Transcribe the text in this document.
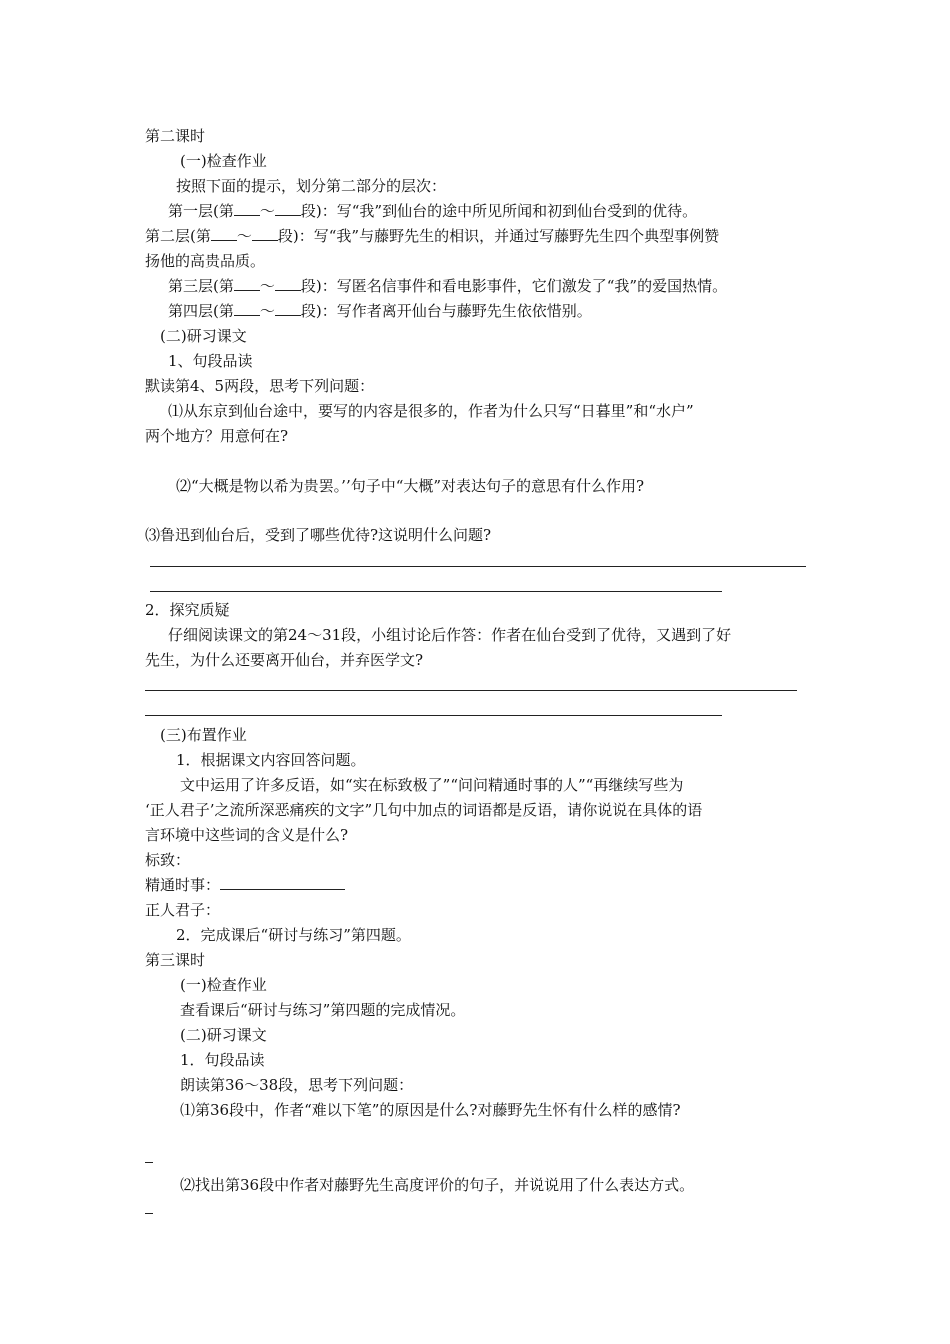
第二课时
(一)检查作业
按照下面的提示，划分第二部分的层次：
第一层(第 ～ 段)：写“我”到仙台的途中所见所闻和初到仙台受到的优待。
第二层(第 ～ 段)：写“我”与藤野先生的相识，并通过写藤野先生四个典型事例赞
扬他的高贵品质。
第三层(第 ～ 段)：写匿名信事件和看电影事件，它们激发了“我”的爱国热情。
第四层(第 ～ 段)：写作者离开仙台与藤野先生依依惜别。
(二)研习课文
1、句段品读
默读第4、5两段，思考下列问题：
⑴从东京到仙台途中，要写的内容是很多的，作者为什么只写“日暮里”和“水户”
两个地方？用意何在?
⑵“大概是物以希为贵罢。’’句子中“大概”对表达句子的意思有什么作用?
⑶鲁迅到仙台后，受到了哪些优待?这说明什么问题?
2．探究质疑
仔细阅读课文的第24～31段，小组讨论后作答：作者在仙台受到了优待，又遇到了好
先生，为什么还要离开仙台，并弃医学文?
(三)布置作业
1．根据课文内容回答问题。
文中运用了许多反语，如“实在标致极了”“问问精通时事的人”“再继续写些为
‘正人君子’之流所深恶痛疾的文字”几句中加点的词语都是反语，请你说说在具体的语
言环境中这些词的含义是什么?
标致：
精通时事：
正人君子：
2．完成课后“研讨与练习”第四题。
第三课时
(一)检查作业
查看课后“研讨与练习”第四题的完成情况。
(二)研习课文
1．句段品读
朗读第36～38段，思考下列问题：
⑴第36段中，作者“难以下笔”的原因是什么?对藤野先生怀有什么样的感情?
⑵找出第36段中作者对藤野先生高度评价的句子，并说说用了什么表达方式。
